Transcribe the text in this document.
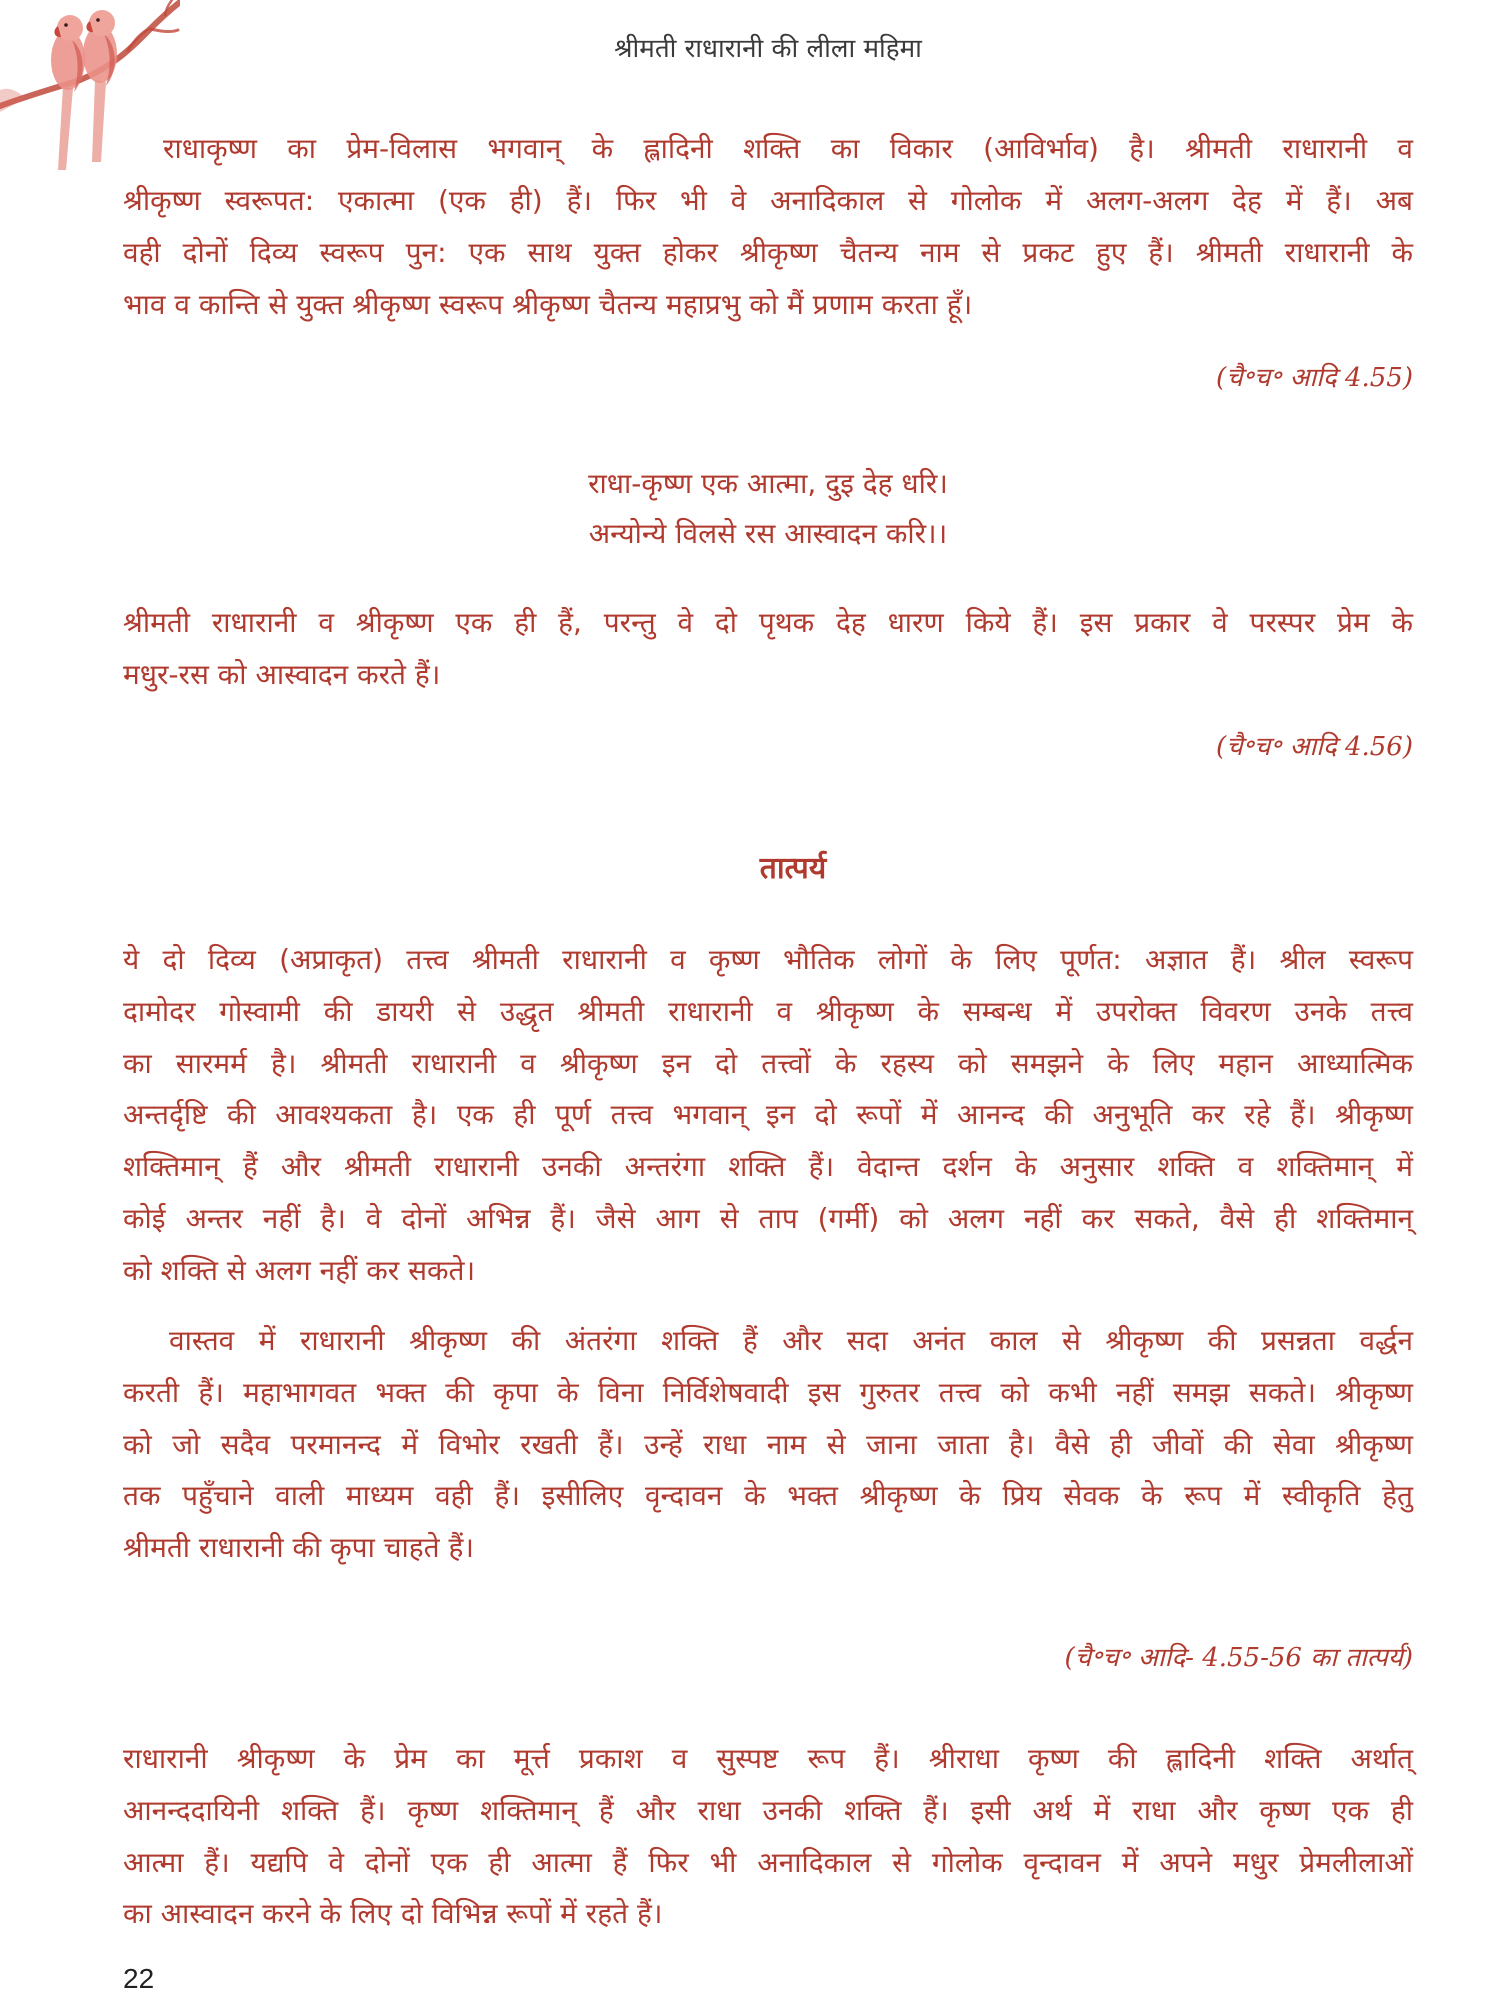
श्रीमती राधारानी की लीला महिमा
राधाकृष्ण का प्रेम-विलास भगवान् के ह्लादिनी शक्ति का विकार (आविर्भाव) है। श्रीमती राधारानी व
श्रीकृष्ण स्वरूपत: एकात्मा (एक ही) हैं। फिर भी वे अनादिकाल से गोलोक में अलग-अलग देह में हैं। अब
वही दोनों दिव्य स्वरूप पुन: एक साथ युक्त होकर श्रीकृष्ण चैतन्य नाम से प्रकट हुए हैं। श्रीमती राधारानी के
भाव व कान्ति से युक्त श्रीकृष्ण स्वरूप श्रीकृष्ण चैतन्य महाप्रभु को मैं प्रणाम करता हूँ।
(चै॰च॰ आदि 4.55)
राधा-कृष्ण एक आत्मा, दुइ देह धरि।
अन्योन्ये विलसे रस आस्वादन करि।।
श्रीमती राधारानी व श्रीकृष्ण एक ही हैं, परन्तु वे दो पृथक देह धारण किये हैं। इस प्रकार वे परस्पर प्रेम के
मधुर-रस को आस्वादन करते हैं।
(चै॰च॰ आदि 4.56)
तात्पर्य
ये दो दिव्य (अप्राकृत) तत्त्व श्रीमती राधारानी व कृष्ण भौतिक लोगों के लिए पूर्णत: अज्ञात हैं। श्रील स्वरूप
दामोदर गोस्वामी की डायरी से उद्धृत श्रीमती राधारानी व श्रीकृष्ण के सम्बन्ध में उपरोक्त विवरण उनके तत्त्व
का सारमर्म है। श्रीमती राधारानी व श्रीकृष्ण इन दो तत्त्वों के रहस्य को समझने के लिए महान आध्यात्मिक
अन्तर्दृष्टि की आवश्यकता है। एक ही पूर्ण तत्त्व भगवान् इन दो रूपों में आनन्द की अनुभूति कर रहे हैं। श्रीकृष्ण
शक्तिमान् हैं और श्रीमती राधारानी उनकी अन्तरंगा शक्ति हैं। वेदान्त दर्शन के अनुसार शक्ति व शक्तिमान् में
कोई अन्तर नहीं है। वे दोनों अभिन्न हैं। जैसे आग से ताप (गर्मी) को अलग नहीं कर सकते, वैसे ही शक्तिमान्
को शक्ति से अलग नहीं कर सकते।
वास्तव में राधारानी श्रीकृष्ण की अंतरंगा शक्ति हैं और सदा अनंत काल से श्रीकृष्ण की प्रसन्नता वर्द्धन
करती हैं। महाभागवत भक्त की कृपा के विना निर्विशेषवादी इस गुरुतर तत्त्व को कभी नहीं समझ सकते। श्रीकृष्ण
को जो सदैव परमानन्द में विभोर रखती हैं। उन्हें राधा नाम से जाना जाता है। वैसे ही जीवों की सेवा श्रीकृष्ण
तक पहुँचाने वाली माध्यम वही हैं। इसीलिए वृन्दावन के भक्त श्रीकृष्ण के प्रिय सेवक के रूप में स्वीकृति हेतु
श्रीमती राधारानी की कृपा चाहते हैं।
(चै॰च॰ आदि- 4.55-56 का तात्पर्य)
राधारानी श्रीकृष्ण के प्रेम का मूर्त्त प्रकाश व सुस्पष्ट रूप हैं। श्रीराधा कृष्ण की ह्लादिनी शक्ति अर्थात्
आनन्ददायिनी शक्ति हैं। कृष्ण शक्तिमान् हैं और राधा उनकी शक्ति हैं। इसी अर्थ में राधा और कृष्ण एक ही
आत्मा हैं। यद्यपि वे दोनों एक ही आत्मा हैं फिर भी अनादिकाल से गोलोक वृन्दावन में अपने मधुर प्रेमलीलाओं
का आस्वादन करने के लिए दो विभिन्न रूपों में रहते हैं।
22
